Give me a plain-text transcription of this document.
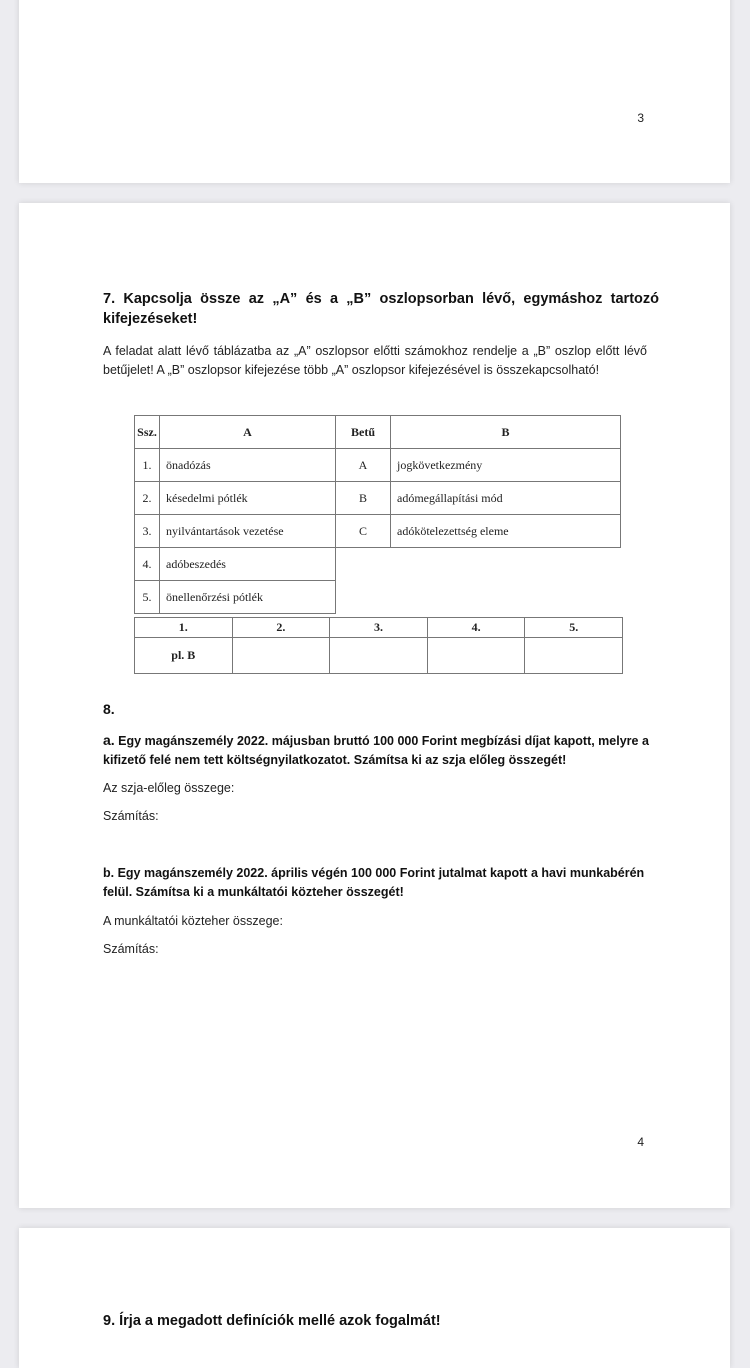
3
7. Kapcsolja össze az „A” és a „B” oszlopsorban lévő, egymáshoz tartozó kifejezéseket!
A feladat alatt lévő táblázatba az „A” oszlopsor előtti számokhoz rendelje a „B” oszlop előtt lévő betűjelet! A „B” oszlopsor kifejezése több „A” oszlopsor kifejezésével is összekapcsolható!
Ssz.	A	Betű	B
1.	önadózás	A	jogkövetkezmény
2.	késedelmi pótlék	B	adómegállapítási mód
3.	nyilvántartások vezetése	C	adókötelezettség eleme
4.	adóbeszedés		
5.	önellenőrzési pótlék		
1.	2.	3.	4.	5.
pl. B				
8.
a. Egy magánszemély 2022. májusban bruttó 100 000 Forint megbízási díjat kapott, melyre a kifizető felé nem tett költségnyilatkozatot. Számítsa ki az szja előleg összegét!
Az szja-előleg összege:
Számítás:
b. Egy magánszemély 2022. április végén 100 000 Forint jutalmat kapott a havi munkabérén felül. Számítsa ki a munkáltatói közteher összegét!
A munkáltatói közteher összege:
Számítás:
4
9. Írja a megadott definíciók mellé azok fogalmát!
